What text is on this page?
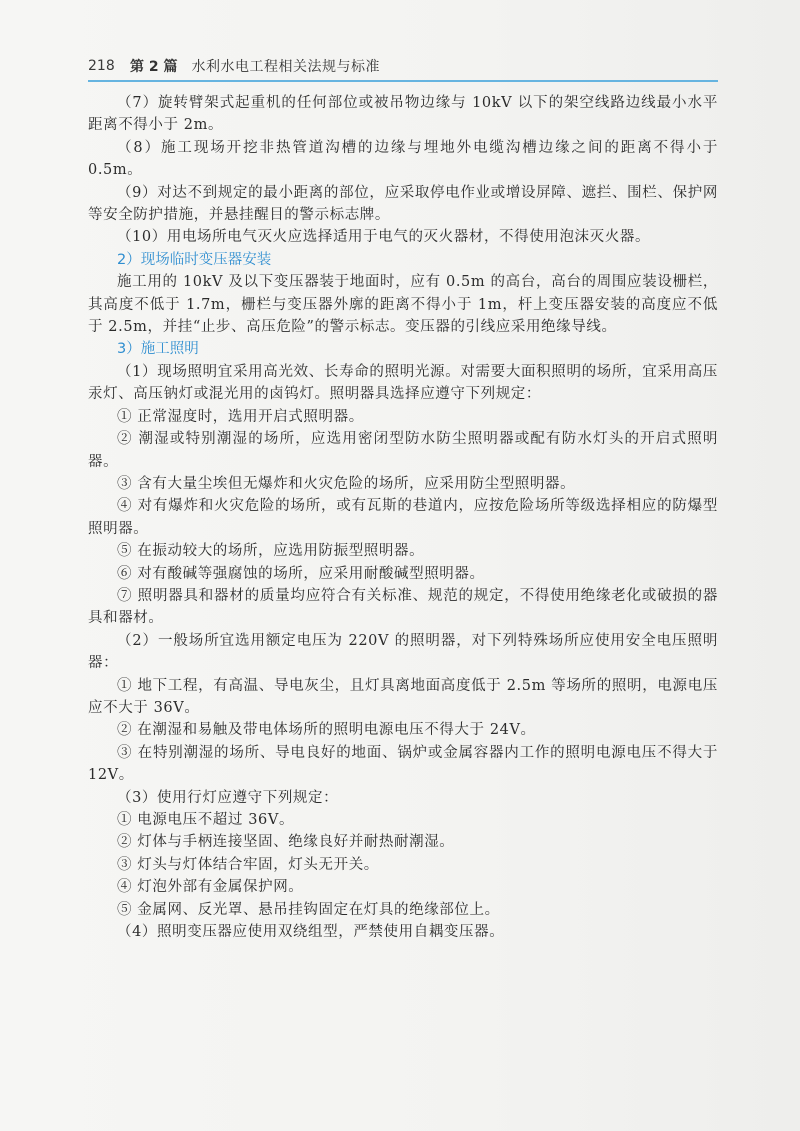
218	第 2 篇 水利水电工程相关法规与标准

（7）旋转臂架式起重机的任何部位或被吊物边缘与 10kV 以下的架空线路边线最小水平距离不得小于 2m。

（8）施工现场开挖非热管道沟槽的边缘与埋地外电缆沟槽边缘之间的距离不得小于 0.5m。

（9）对达不到规定的最小距离的部位，应采取停电作业或增设屏障、遮拦、围栏、保护网等安全防护措施，并悬挂醒目的警示标志牌。

（10）用电场所电气灭火应选择适用于电气的灭火器材，不得使用泡沫灭火器。

2）现场临时变压器安装

施工用的 10kV 及以下变压器装于地面时，应有 0.5m 的高台，高台的周围应装设栅栏，其高度不低于 1.7m，栅栏与变压器外廓的距离不得小于 1m，杆上变压器安装的高度应不低于 2.5m，并挂“止步、高压危险”的警示标志。变压器的引线应采用绝缘导线。

3）施工照明

（1）现场照明宜采用高光效、长寿命的照明光源。对需要大面积照明的场所，宜采用高压汞灯、高压钠灯或混光用的卤钨灯。照明器具选择应遵守下列规定：

① 正常湿度时，选用开启式照明器。

② 潮湿或特别潮湿的场所，应选用密闭型防水防尘照明器或配有防水灯头的开启式照明器。

③ 含有大量尘埃但无爆炸和火灾危险的场所，应采用防尘型照明器。

④ 对有爆炸和火灾危险的场所，或有瓦斯的巷道内，应按危险场所等级选择相应的防爆型照明器。

⑤ 在振动较大的场所，应选用防振型照明器。

⑥ 对有酸碱等强腐蚀的场所，应采用耐酸碱型照明器。

⑦ 照明器具和器材的质量均应符合有关标准、规范的规定，不得使用绝缘老化或破损的器具和器材。

（2）一般场所宜选用额定电压为 220V 的照明器，对下列特殊场所应使用安全电压照明器：

① 地下工程，有高温、导电灰尘，且灯具离地面高度低于 2.5m 等场所的照明，电源电压应不大于 36V。

② 在潮湿和易触及带电体场所的照明电源电压不得大于 24V。

③ 在特别潮湿的场所、导电良好的地面、锅炉或金属容器内工作的照明电源电压不得大于 12V。

（3）使用行灯应遵守下列规定：

① 电源电压不超过 36V。

② 灯体与手柄连接坚固、绝缘良好并耐热耐潮湿。

③ 灯头与灯体结合牢固，灯头无开关。

④ 灯泡外部有金属保护网。

⑤ 金属网、反光罩、悬吊挂钩固定在灯具的绝缘部位上。

（4）照明变压器应使用双绕组型，严禁使用自耦变压器。
